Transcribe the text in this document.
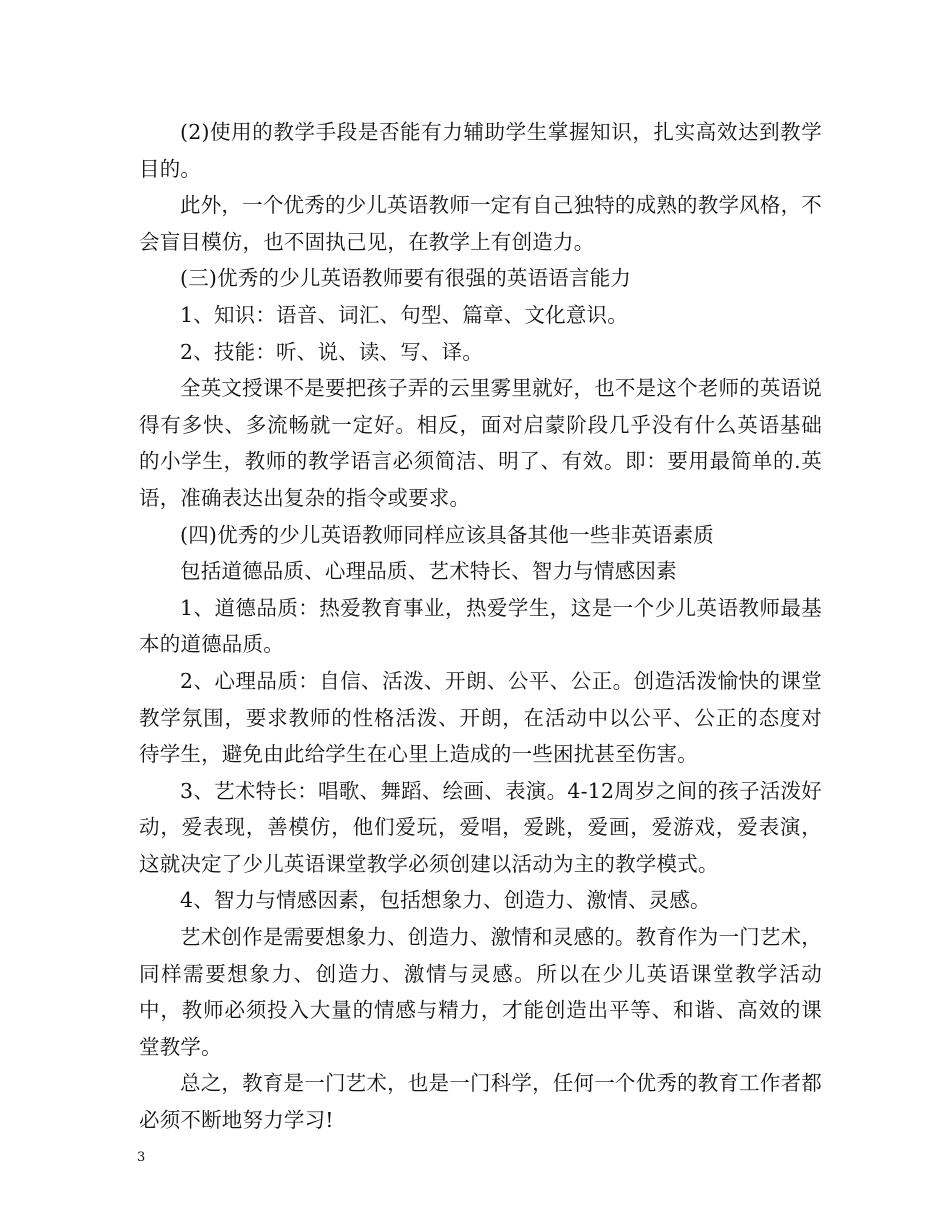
(2)使用的教学手段是否能有力辅助学生掌握知识，扎实高效达到教学目的。

此外，一个优秀的少儿英语教师一定有自己独特的成熟的教学风格，不会盲目模仿，也不固执己见，在教学上有创造力。

(三)优秀的少儿英语教师要有很强的英语语言能力

1、知识：语音、词汇、句型、篇章、文化意识。

2、技能：听、说、读、写、译。

全英文授课不是要把孩子弄的云里雾里就好，也不是这个老师的英语说得有多快、多流畅就一定好。相反，面对启蒙阶段几乎没有什么英语基础的小学生，教师的教学语言必须简洁、明了、有效。即：要用最简单的.英语，准确表达出复杂的指令或要求。

(四)优秀的少儿英语教师同样应该具备其他一些非英语素质

包括道德品质、心理品质、艺术特长、智力与情感因素

1、道德品质：热爱教育事业，热爱学生，这是一个少儿英语教师最基本的道德品质。

2、心理品质：自信、活泼、开朗、公平、公正。创造活泼愉快的课堂教学氛围，要求教师的性格活泼、开朗，在活动中以公平、公正的态度对待学生，避免由此给学生在心里上造成的一些困扰甚至伤害。

3、艺术特长：唱歌、舞蹈、绘画、表演。4-12周岁之间的孩子活泼好动，爱表现，善模仿，他们爱玩，爱唱，爱跳，爱画，爱游戏，爱表演，这就决定了少儿英语课堂教学必须创建以活动为主的教学模式。

4、智力与情感因素，包括想象力、创造力、激情、灵感。

艺术创作是需要想象力、创造力、激情和灵感的。教育作为一门艺术，同样需要想象力、创造力、激情与灵感。所以在少儿英语课堂教学活动中，教师必须投入大量的情感与精力，才能创造出平等、和谐、高效的课堂教学。

总之，教育是一门艺术，也是一门科学，任何一个优秀的教育工作者都必须不断地努力学习!

3
